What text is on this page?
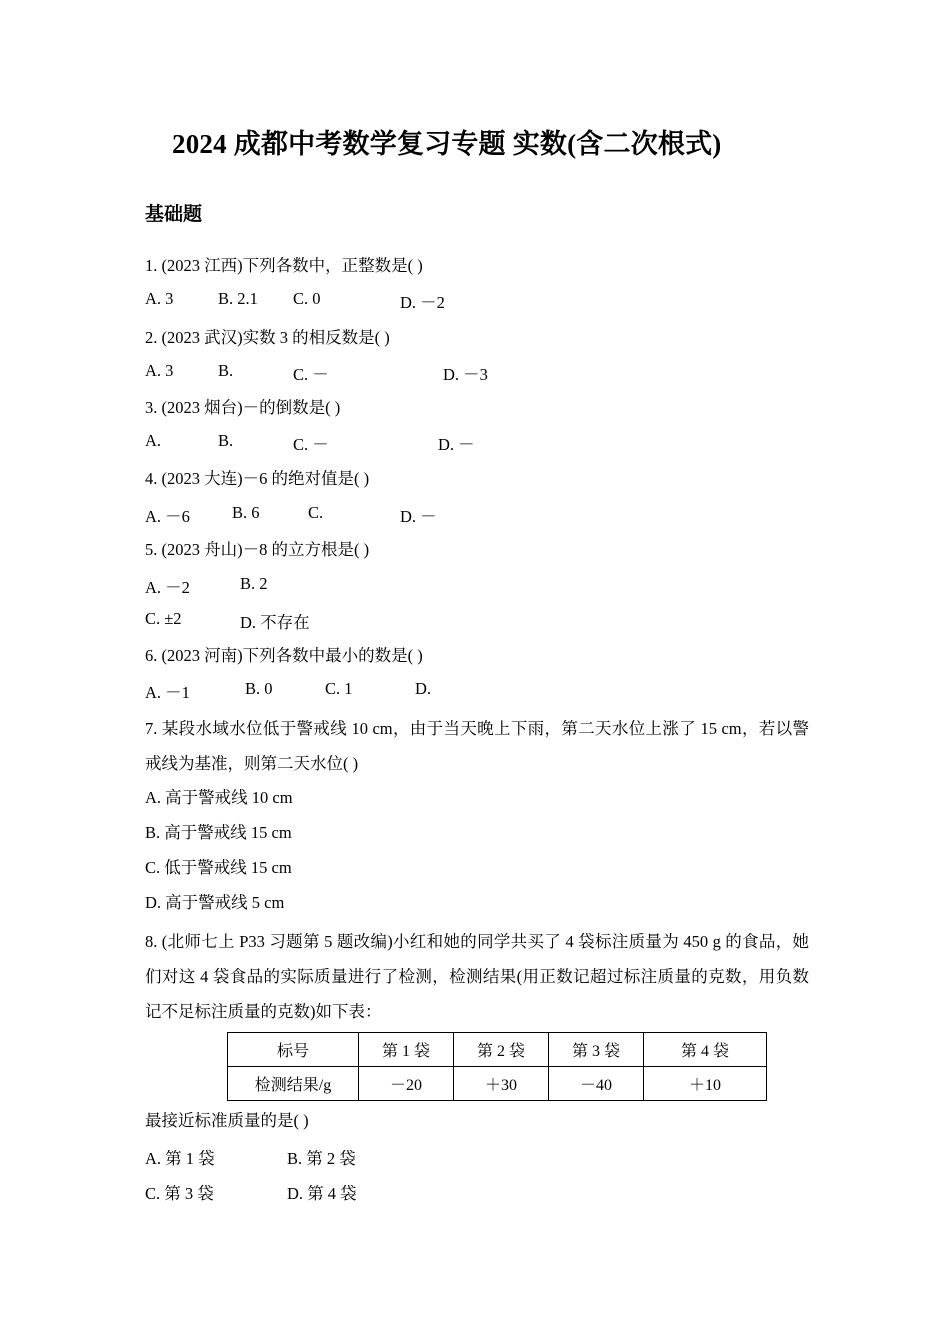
2024 成都中考数学复习专题 实数(含二次根式)
基础题
1. (2023 江西)下列各数中，正整数是( )
A. 3	B. 2.1 C. 0	D. －2
2. (2023 武汉)实数 3 的相反数是( )
A. 3	B.	C. －	D. －3
3. (2023 烟台)－的倒数是( )
A.	B.	C. －	D. －
4. (2023 大连)－6 的绝对值是( )
A. －6	B. 6	C.	D. －
5. (2023 舟山)－8 的立方根是( )
A. －2	B. 2
C. ±2	D. 不存在
6. (2023 河南)下列各数中最小的数是( )
A. －1	B. 0	C. 1	D.
7. 某段水域水位低于警戒线 10 cm，由于当天晚上下雨，第二天水位上涨了 15 cm，若以警戒线为基准，则第二天水位( )
A. 高于警戒线 10 cm
B. 高于警戒线 15 cm
C. 低于警戒线 15 cm
D. 高于警戒线 5 cm
8. (北师七上 P33 习题第 5 题改编)小红和她的同学共买了 4 袋标注质量为 450 g 的食品，她们对这 4 袋食品的实际质量进行了检测，检测结果(用正数记超过标注质量的克数，用负数记不足标注质量的克数)如下表：
标号	第 1 袋	第 2 袋	第 3 袋	第 4 袋
检测结果/g	－20	＋30	－40	＋10
最接近标准质量的是( )
A. 第 1 袋	B. 第 2 袋
C. 第 3 袋	D. 第 4 袋
